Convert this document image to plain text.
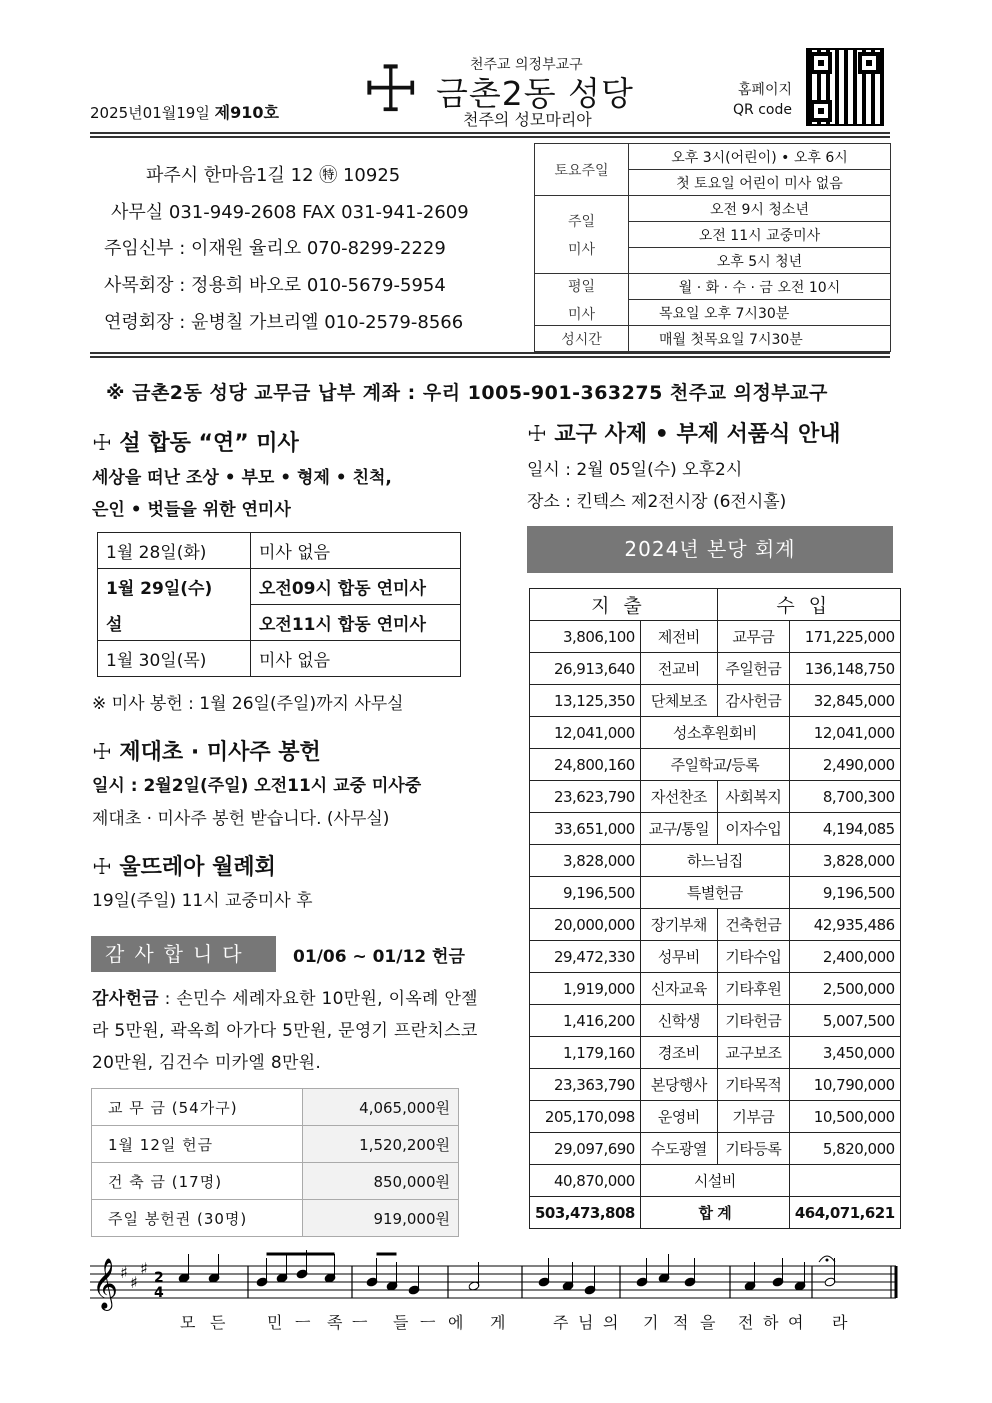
☩	천주교 의정부교구
금촌2동 성당
천주의 성모마리아
2025년01월19일 제910호
홈페이지
QR code
파주시 한마음1길 12 ㊕ 10925
사무실 031-949-2608 FAX 031-941-2609
주임신부 : 이재원 율리오 070-8299-2229
사목회장 : 정용희 바오로 010-5679-5954
연령회장 : 윤병칠 가브리엘 010-2579-8566
토요주일	오후 3시(어린이) • 오후 6시
	첫 토요일 어린이 미사 없음

주일
미사	오전 9시 청소년
	오전 11시 교중미사
	오후 5시 청년

평일
미사	월 · 화 · 수 · 금 오전 10시
	목요일 오후 7시30분
성시간	매월 첫목요일 7시30분
※ 금촌2동 성당 교무금 납부 계좌 : 우리 1005-901-363275 천주교 의정부교구
☩ 설 합동 “연” 미사
세상을 떠난 조상 • 부모 • 형제 • 친척,
은인 • 벗들을 위한 연미사
1월 28일(화)	미사 없음
1월 29일(수)	오전09시 합동 연미사
설	오전11시 합동 연미사
1월 30일(목)	미사 없음
※ 미사 봉헌 : 1월 26일(주일)까지 사무실
☩ 제대초 · 미사주 봉헌
일시 : 2월2일(주일) 오전11시 교중 미사중
제대초 · 미사주 봉헌 받습니다. (사무실)
☩ 울뜨레아 월례회
19일(주일) 11시 교중미사 후
감사합니다	01/06 ~ 01/12 헌금
감사헌금 : 손민수 세례자요한 10만원, 이옥례 안젤라 5만원, 곽옥희 아가다 5만원, 문영기 프란치스코 20만원, 김건수 미카엘 8만원.
교 무 금 (54가구)	4,065,000원
1월 12일 헌금	1,520,200원
건 축 금 (17명)	850,000원
주일 봉헌권 (30명)	919,000원
☩ 교구 사제 • 부제 서품식 안내
일시 : 2월 05일(수) 오후2시
장소 : 킨텍스 제2전시장 (6전시홀)
2024년 본당 회계
지출		수입	
3,806,100	제전비	교무금	171,225,000
26,913,640	전교비	주일헌금	136,148,750
13,125,350	단체보조	감사헌금	32,845,000
12,041,000	성소후원회비		12,041,000
24,800,160	주일학교/등록		2,490,000
23,623,790	자선찬조	사회복지	8,700,300
33,651,000	교구/통일	이자수입	4,194,085
3,828,000	하느님집		3,828,000
9,196,500	특별헌금		9,196,500
20,000,000	장기부채	건축헌금	42,935,486
29,472,330	성무비	기타수입	2,400,000
1,919,000	신자교육	기타후원	2,500,000
1,416,200	신학생	기타헌금	5,007,500
1,179,160	경조비	교구보조	3,450,000
23,363,790	본당행사	기타목적	10,790,000
205,170,098	운영비	기부금	10,500,000
29,097,690	수도광열	기타등록	5,820,000
40,870,000	시설비		
503,473,808	합 계		464,071,621
𝄞 ♯
♯
♯ 2
4
모 든	민 ㅡ 족 ㅡ 들 ㅡ 에 게	주 님 의 기 적 을 전 하 여 라
